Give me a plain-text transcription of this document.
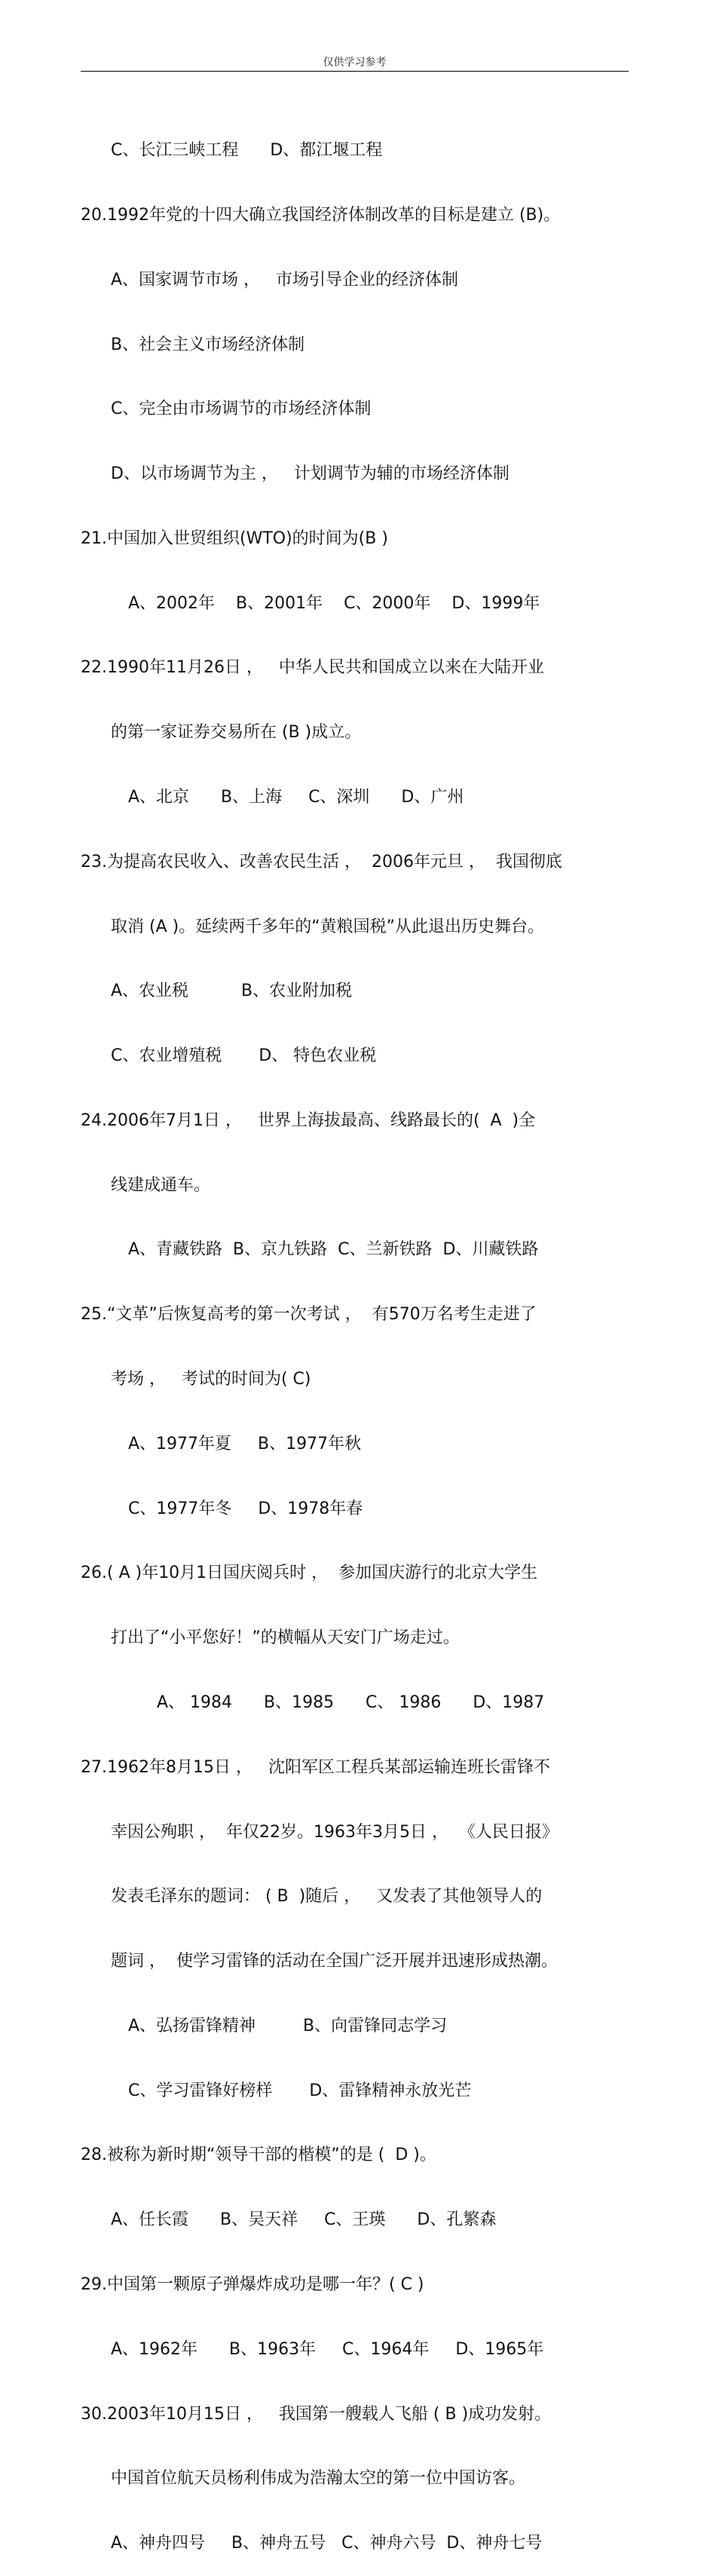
仅供学习参考

C、长江三峡工程      D、都江堰工程

20.1992年党的十四大确立我国经济体制改革的目标是建立 (B)。

A、国家调节市场 ，   市场引导企业的经济体制

B、社会主义市场经济体制

C、完全由市场调节的市场经济体制

D、以市场调节为主 ，   计划调节为辅的市场经济体制

21.中国加入世贸组织(WTO)的时间为(B )

A、2002年    B、2001年    C、2000年    D、1999年

22.1990年11月26日 ，   中华人民共和国成立以来在大陆开业

的第一家证券交易所在 (B )成立。

A、北京      B、上海     C、深圳      D、广州

23.为提高农民收入、改善农民生活 ，  2006年元旦 ，  我国彻底

取消 (A )。延续两千多年的“黄粮国税”从此退出历史舞台。

A、农业税          B、农业附加税

C、农业增殖税       D、 特色农业税

24.2006年7月1日 ，   世界上海拔最高、线路最长的(  A  )全

线建成通车。

A、青藏铁路  B、京九铁路  C、兰新铁路  D、川藏铁路

25.“文革”后恢复高考的第一次考试 ，  有570万名考生走进了

考场 ，   考试的时间为( C)

A、1977年夏     B、1977年秋

C、1977年冬     D、1978年春

26.( A )年10月1日国庆阅兵时 ，  参加国庆游行的北京大学生

打出了“小平您好！”的横幅从天安门广场走过。

A、 1984      B、1985      C、 1986      D、1987

27.1962年8月15日 ，   沈阳军区工程兵某部运输连班长雷锋不

幸因公殉职 ，  年仅22岁。1963年3月5日 ，  《人民日报》

发表毛泽东的题词： ( B  )随后 ，   又发表了其他领导人的

题词 ，  使学习雷锋的活动在全国广泛开展并迅速形成热潮。

A、弘扬雷锋精神         B、向雷锋同志学习

C、学习雷锋好榜样       D、雷锋精神永放光芒

28.被称为新时期“领导干部的楷模”的是 (  D )。

A、任长霞      B、吴天祥     C、王瑛      D、孔繁森

29.中国第一颗原子弹爆炸成功是哪一年？( C )

A、1962年      B、1963年     C、1964年     D、1965年

30.2003年10月15日 ，   我国第一艘载人飞船 ( B )成功发射。

中国首位航天员杨利伟成为浩瀚太空的第一位中国访客。

A、神舟四号     B、神舟五号   C、神舟六号  D、神舟七号
